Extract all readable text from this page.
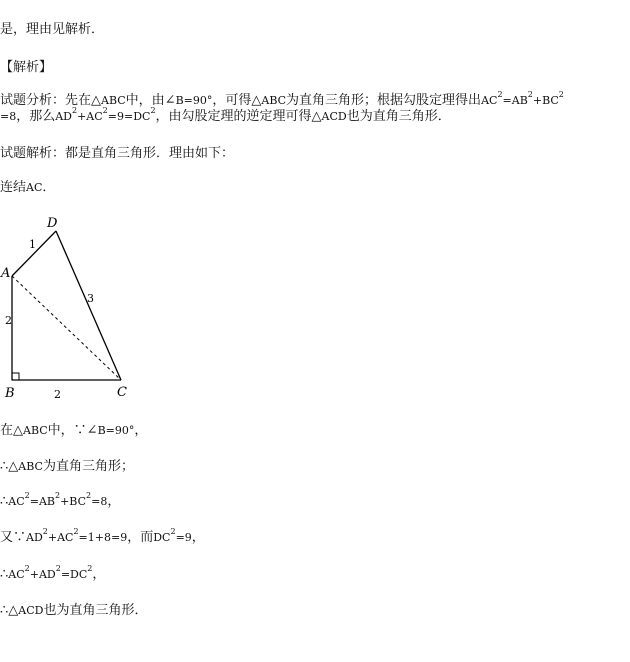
是，理由见解析．
【解析】
试题分析：先在△ABC中，由∠B=90°，可得△ABC为直角三角形；根据勾股定理得出$AC^2=AB^2+BC^2$
=8，那么$AD^2+AC^2=9=DC^2$，由勾股定理的逆定理可得△ACD也为直角三角形．
试题解析：都是直角三角形．理由如下：
连结AC．
D
A
B	C
1
2
2
3
在△ABC中，∵∠B=90°，
∴△ABC为直角三角形；
$\therefore AC^2=AB^2+BC^2=8$，
又$\because AD^2+AC^2=1+8=9$，而$DC^2=9$，
$\therefore AC^2+AD^2=DC^2$，
∴△ACD也为直角三角形．
